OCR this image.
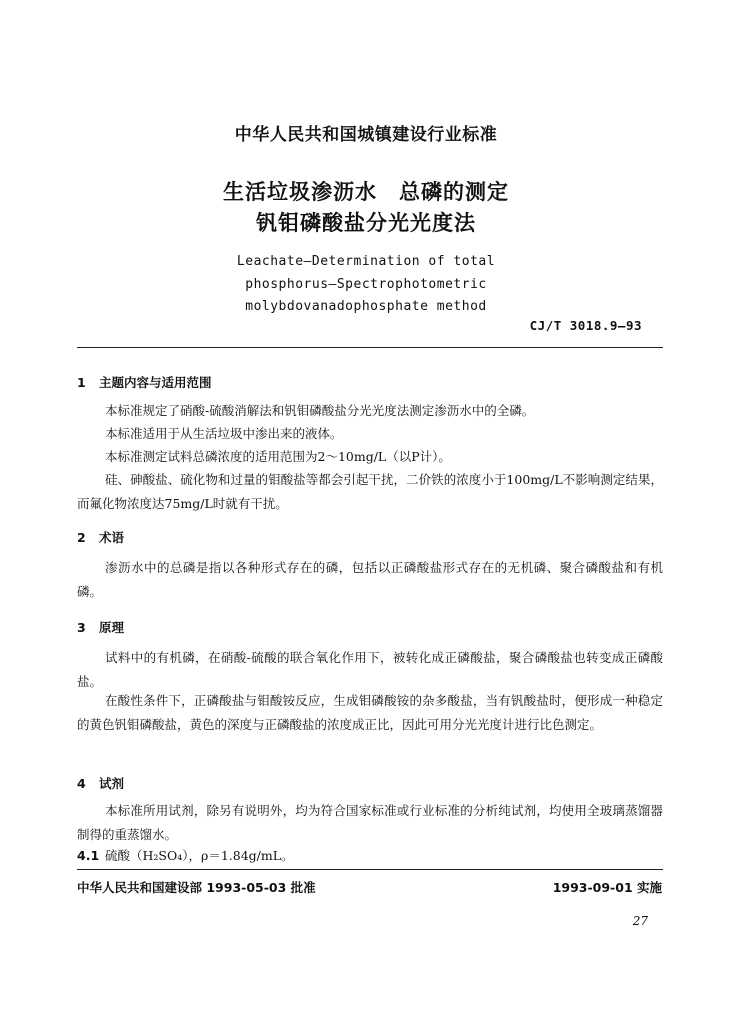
中华人民共和国城镇建设行业标准
生活垃圾渗沥水　总磷的测定
钒钼磷酸盐分光光度法
Leachate—Determination of total
phosphorus—Spectrophotometric
molybdovanadophosphate method
CJ/T 3018.9—93
1 主题内容与适用范围
本标准规定了硝酸-硫酸消解法和钒钼磷酸盐分光光度法测定渗沥水中的全磷。
本标准适用于从生活垃圾中渗出来的液体。
本标准测定试料总磷浓度的适用范围为2～10mg/L（以P计）。
硅、砷酸盐、硫化物和过量的钼酸盐等都会引起干扰，二价铁的浓度小于100mg/L不影响测定结果，而氟化物浓度达75mg/L时就有干扰。
2 术语
渗沥水中的总磷是指以各种形式存在的磷，包括以正磷酸盐形式存在的无机磷、聚合磷酸盐和有机磷。
3 原理
试料中的有机磷，在硝酸-硫酸的联合氧化作用下，被转化成正磷酸盐，聚合磷酸盐也转变成正磷酸盐。
在酸性条件下，正磷酸盐与钼酸铵反应，生成钼磷酸铵的杂多酸盐，当有钒酸盐时，便形成一种稳定的黄色钒钼磷酸盐，黄色的深度与正磷酸盐的浓度成正比，因此可用分光光度计进行比色测定。
4 试剂
本标准所用试剂，除另有说明外，均为符合国家标准或行业标准的分析纯试剂，均使用全玻璃蒸馏器制得的重蒸馏水。
4.1 硫酸（H₂SO₄），ρ＝1.84g/mL。
中华人民共和国建设部 1993-05-03 批准	1993-09-01 实施
27
